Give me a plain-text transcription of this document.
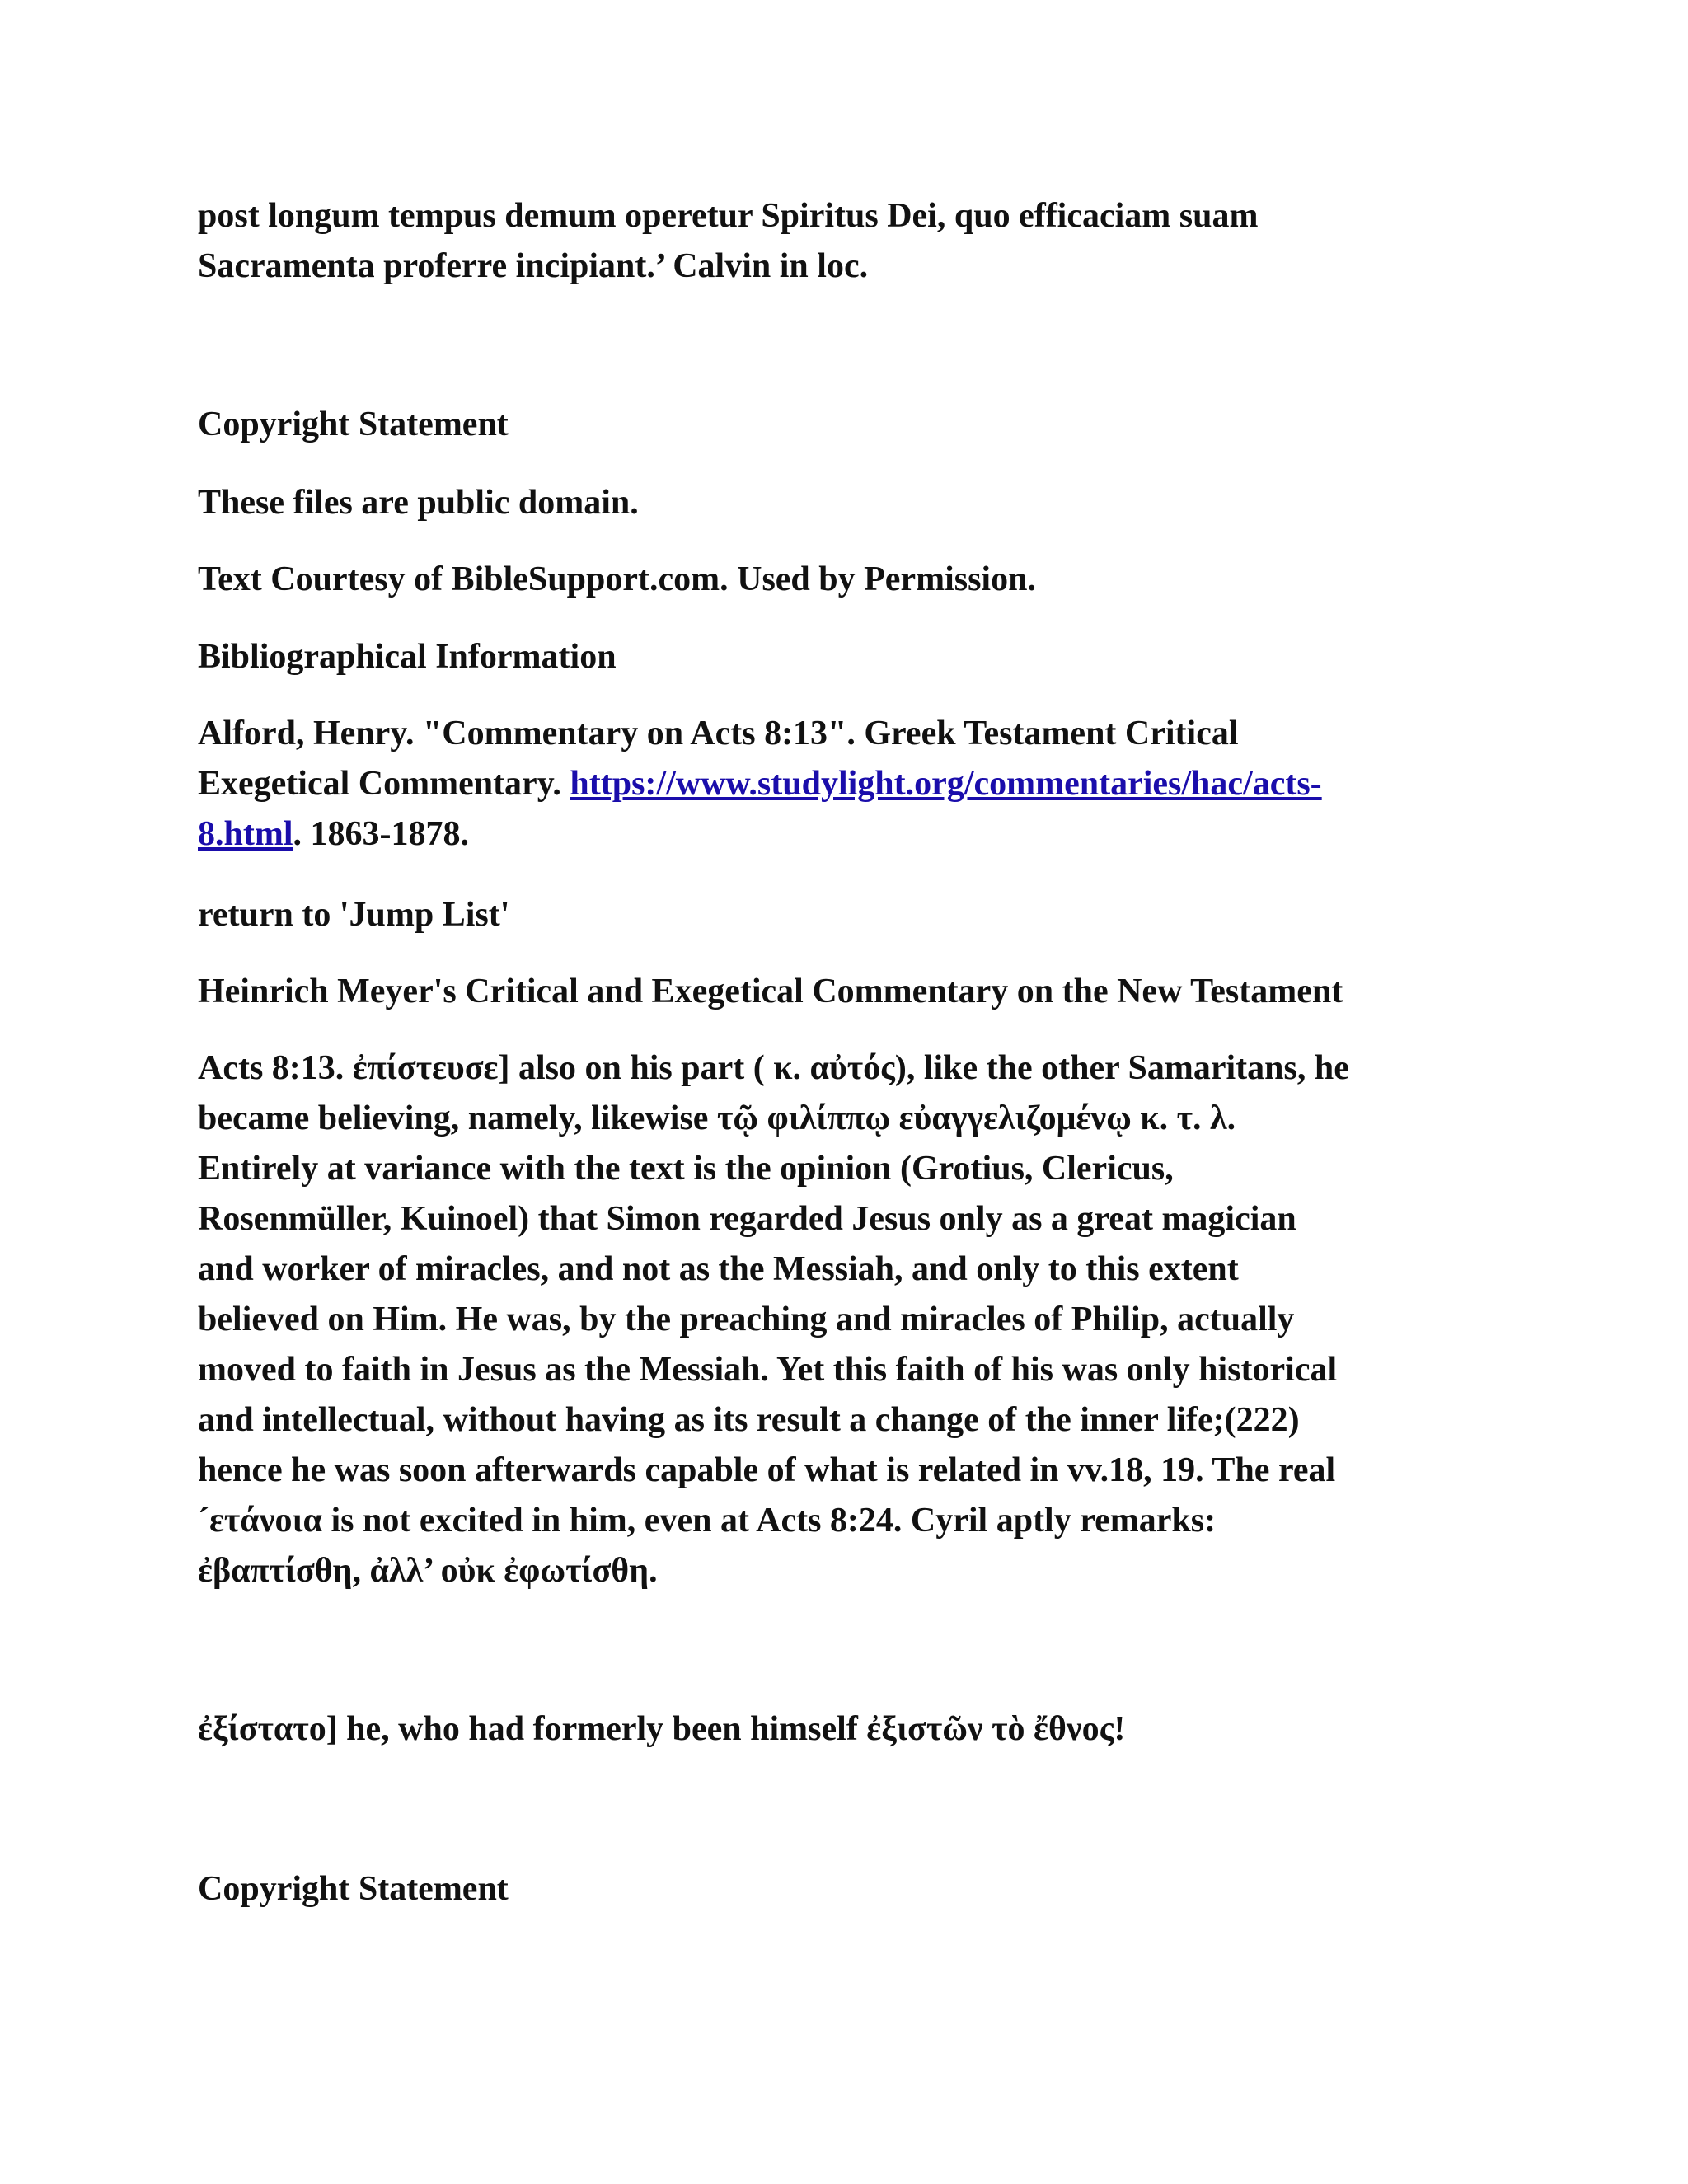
post longum tempus demum operetur Spiritus Dei, quo efficaciam suam
Sacramenta proferre incipiant.’ Calvin in loc.
Copyright Statement
These files are public domain.
Text Courtesy of BibleSupport.com. Used by Permission.
Bibliographical Information
Alford, Henry. "Commentary on Acts 8:13". Greek Testament Critical
Exegetical Commentary. https://www.studylight.org/commentaries/hac/acts-
8.html. 1863-1878.
return to 'Jump List'
Heinrich Meyer's Critical and Exegetical Commentary on the New Testament
Acts 8:13. ἐπίστευσε] also on his part ( κ. αὐτός), like the other Samaritans, he
became believing, namely, likewise τῷ φιλίππῳ εὐαγγελιζομένῳ κ. τ. λ.
Entirely at variance with the text is the opinion (Grotius, Clericus,
Rosenmüller, Kuinoel) that Simon regarded Jesus only as a great magician
and worker of miracles, and not as the Messiah, and only to this extent
believed on Him. He was, by the preaching and miracles of Philip, actually
moved to faith in Jesus as the Messiah. Yet this faith of his was only historical
and intellectual, without having as its result a change of the inner life;(222)
hence he was soon afterwards capable of what is related in vv.18, 19. The real
´ετάνοια is not excited in him, even at Acts 8:24. Cyril aptly remarks:
ἐβαπτίσθη, ἀλλ’ οὐκ ἐφωτίσθη.
ἐξίστατο] he, who had formerly been himself ἐξιστῶν τὸ ἔθνος!
Copyright Statement
